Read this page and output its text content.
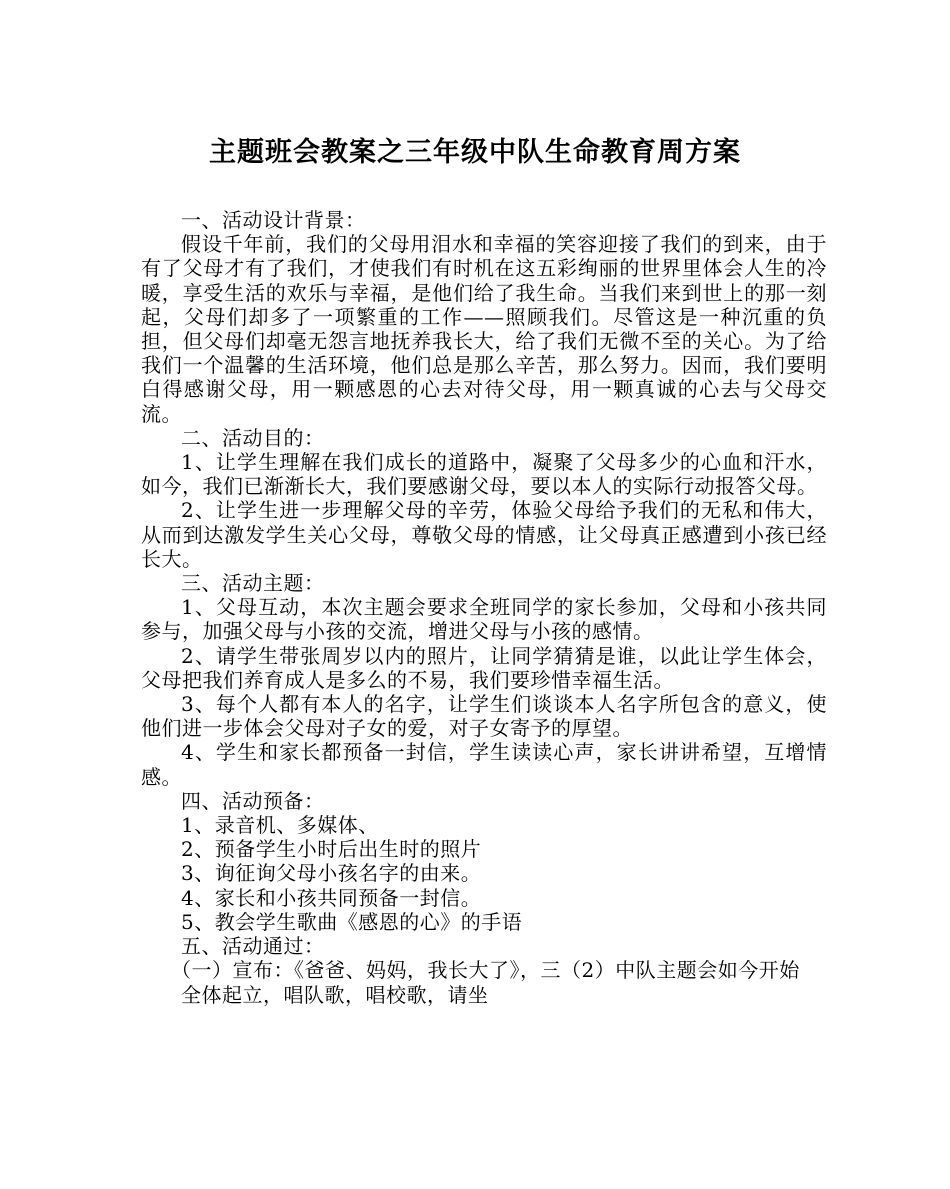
主题班会教案之三年级中队生命教育周方案

一、活动设计背景：

假设千年前，我们的父母用泪水和幸福的笑容迎接了我们的到来，由于有了父母才有了我们，才使我们有时机在这五彩绚丽的世界里体会人生的冷暖，享受生活的欢乐与幸福，是他们给了我生命。当我们来到世上的那一刻起，父母们却多了一项繁重的工作——照顾我们。尽管这是一种沉重的负担，但父母们却毫无怨言地抚养我长大，给了我们无微不至的关心。为了给我们一个温馨的生活环境，他们总是那么辛苦，那么努力。因而，我们要明白得感谢父母，用一颗感恩的心去对待父母，用一颗真诚的心去与父母交流。

二、活动目的：

1、让学生理解在我们成长的道路中，凝聚了父母多少的心血和汗水，如今，我们已渐渐长大，我们要感谢父母，要以本人的实际行动报答父母。

2、让学生进一步理解父母的辛劳，体验父母给予我们的无私和伟大，从而到达激发学生关心父母，尊敬父母的情感，让父母真正感遭到小孩已经长大。

三、活动主题：

1、父母互动，本次主题会要求全班同学的家长参加，父母和小孩共同参与，加强父母与小孩的交流，增进父母与小孩的感情。

2、请学生带张周岁以内的照片，让同学猜猜是谁，以此让学生体会，父母把我们养育成人是多么的不易，我们要珍惜幸福生活。

3、每个人都有本人的名字，让学生们谈谈本人名字所包含的意义，使他们进一步体会父母对子女的爱，对子女寄予的厚望。

4、学生和家长都预备一封信，学生读读心声，家长讲讲希望，互增情感。

四、活动预备：

1、录音机、多媒体、

2、预备学生小时后出生时的照片

3、询征询父母小孩名字的由来。

4、家长和小孩共同预备一封信。

5、教会学生歌曲《感恩的心》的手语

五、活动通过：

（一）宣布：《爸爸、妈妈，我长大了》，三（2）中队主题会如今开始

全体起立，唱队歌，唱校歌，请坐
